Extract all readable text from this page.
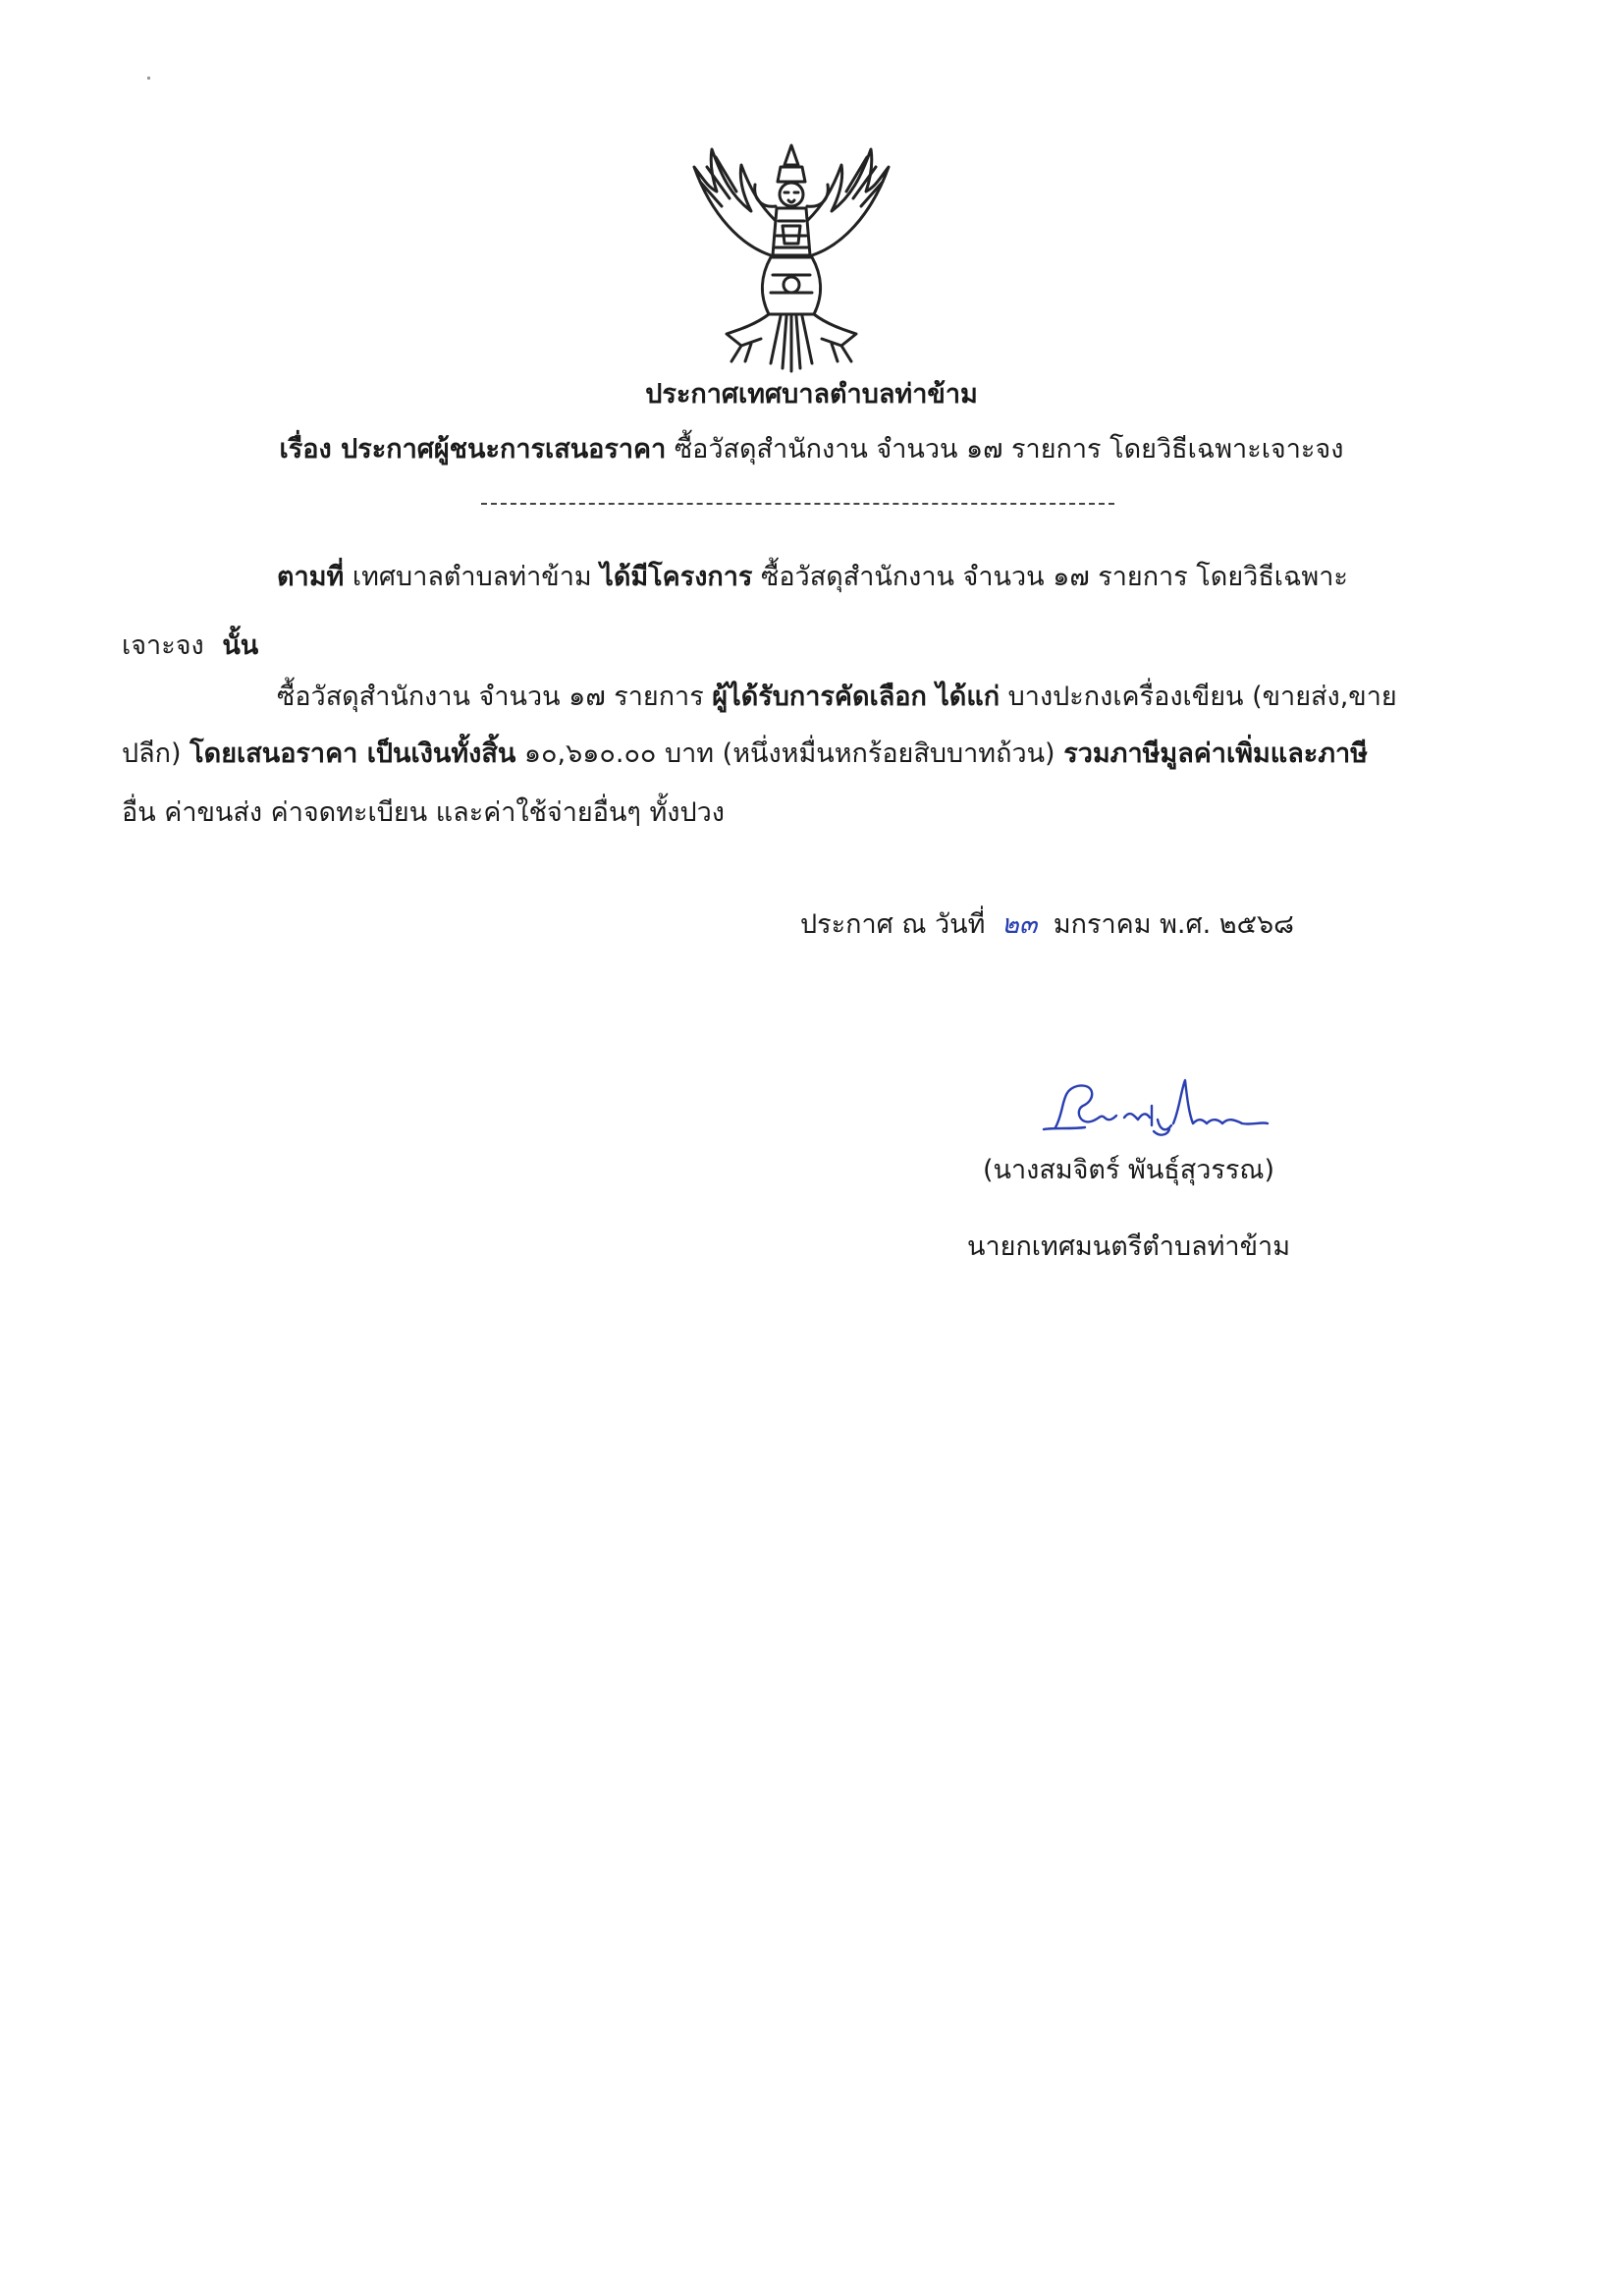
ประกาศเทศบาลตำบลท่าข้าม
เรื่อง ประกาศผู้ชนะการเสนอราคา ซื้อวัสดุสำนักงาน จำนวน ๑๗ รายการ โดยวิธีเฉพาะเจาะจง
ตามที่ เทศบาลตำบลท่าข้าม ได้มีโครงการ ซื้อวัสดุสำนักงาน จำนวน ๑๗ รายการ โดยวิธีเฉพาะ
เจาะจง นั้น
ซื้อวัสดุสำนักงาน จำนวน ๑๗ รายการ ผู้ได้รับการคัดเลือก ได้แก่ บางปะกงเครื่องเขียน (ขายส่ง,ขาย
ปลีก) โดยเสนอราคา เป็นเงินทั้งสิ้น ๑๐,๖๑๐.๐๐ บาท (หนึ่งหมื่นหกร้อยสิบบาทถ้วน) รวมภาษีมูลค่าเพิ่มและภาษี
อื่น ค่าขนส่ง ค่าจดทะเบียน และค่าใช้จ่ายอื่นๆ ทั้งปวง
ประกาศ ณ วันที่ ๒๓ มกราคม พ.ศ. ๒๕๖๘
(นางสมจิตร์ พันธุ์สุวรรณ)
นายกเทศมนตรีตำบลท่าข้าม
